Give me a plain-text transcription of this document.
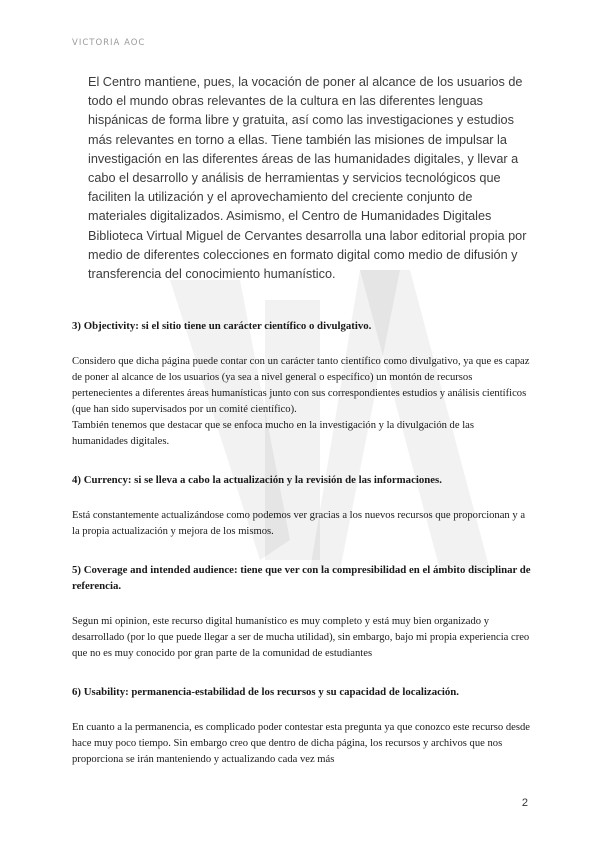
VICTORIA AOC

El Centro mantiene, pues, la vocación de poner al alcance de los usuarios de todo el mundo obras relevantes de la cultura en las diferentes lenguas hispánicas de forma libre y gratuita, así como las investigaciones y estudios más relevantes en torno a ellas. Tiene también las misiones de impulsar la investigación en las diferentes áreas de las humanidades digitales, y llevar a cabo el desarrollo y análisis de herramientas y servicios tecnológicos que faciliten la utilización y el aprovechamiento del creciente conjunto de materiales digitalizados. Asimismo, el Centro de Humanidades Digitales Biblioteca Virtual Miguel de Cervantes desarrolla una labor editorial propia por medio de diferentes colecciones en formato digital como medio de difusión y transferencia del conocimiento humanístico.

3) Objectivity: si el sitio tiene un carácter científico o divulgativo.

Considero que dicha página puede contar con un carácter tanto científico como divulgativo, ya que es capaz de poner al alcance de los usuarios (ya sea a nivel general o específico) un montón de recursos pertenecientes a diferentes áreas humanísticas junto con sus correspondientes estudios y análisis científicos (que han sido supervisados por un comité científico).

También tenemos que destacar que se enfoca mucho en la investigación y la divulgación de las humanidades digitales.

4) Currency: si se lleva a cabo la actualización y la revisión de las informaciones.

Está constantemente actualizándose como podemos ver gracias a los nuevos recursos que proporcionan y a la propia actualización y mejora de los mismos.

5) Coverage and intended audience: tiene que ver con la compresibilidad en el ámbito disciplinar de referencia.

Segun mi opinion, este recurso digital humanístico es muy completo y está muy bien organizado y desarrollado (por lo que puede llegar a ser de mucha utilidad), sin embargo, bajo mi propia experiencia creo que no es muy conocido por gran parte de la comunidad de estudiantes

6) Usability: permanencia-estabilidad de los recursos y su capacidad de localización.

En cuanto a la permanencia, es complicado poder contestar esta pregunta ya que conozco este recurso desde hace muy poco tiempo. Sin embargo creo que dentro de dicha página, los recursos y archivos que nos proporciona se irán manteniendo y actualizando cada vez más

2
